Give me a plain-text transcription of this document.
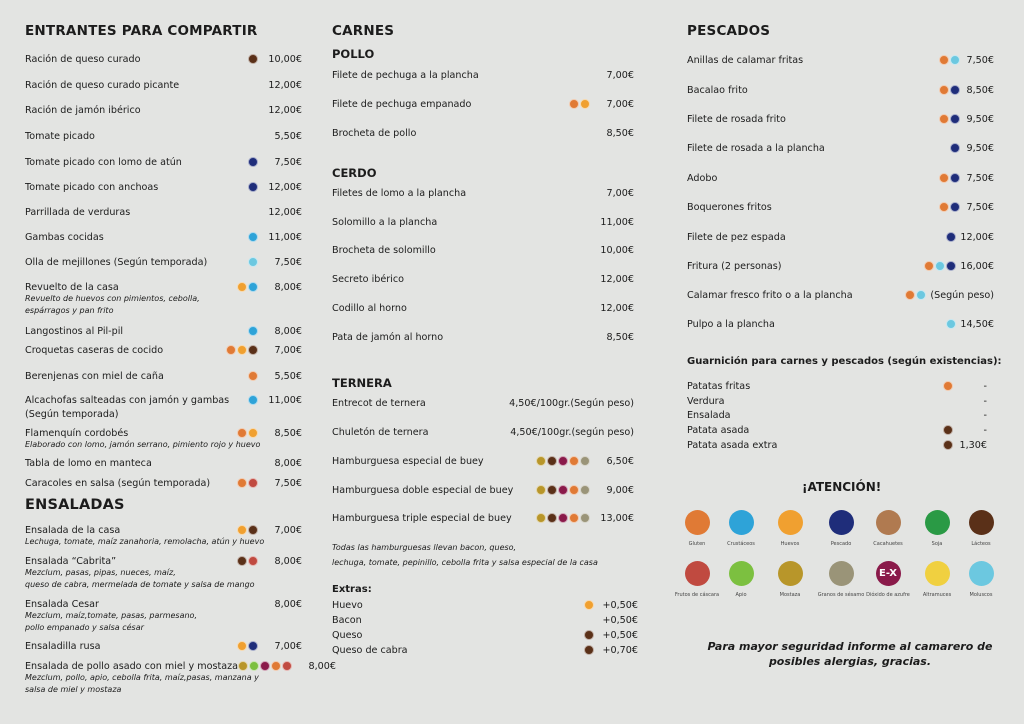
ENTRANTES PARA COMPARTIR
Ración de queso curado	10,00€
Ración de queso curado picante	12,00€
Ración de jamón ibérico	12,00€
Tomate picado	5,50€
Tomate picado con lomo de atún	7,50€
Tomate picado con anchoas	12,00€
Parrillada de verduras	12,00€
Gambas cocidas	11,00€
Olla de mejillones (Según temporada)	7,50€
Revuelto de la casa	8,00€
Revuelto de huevos con pimientos, cebolla,
espárragos y pan frito
Langostinos al Pil-pil	8,00€
Croquetas caseras de cocido	7,00€
Berenjenas con miel de caña	5,50€
Alcachofas salteadas con jamón y gambas	11,00€
(Según temporada)
Flamenquín cordobés	8,50€
Elaborado con lomo, jamón serrano, pimiento rojo y huevo
Tabla de lomo en manteca	8,00€
Caracoles en salsa (según temporada)	7,50€
ENSALADAS
Ensalada de la casa	7,00€
Lechuga, tomate, maíz zanahoria, remolacha, atún y huevo
Ensalada “Cabrita”	8,00€
Mezclum, pasas, pipas, nueces, maíz,
queso de cabra, mermelada de tomate y salsa de mango
Ensalada Cesar	8,00€
Mezclum, maíz,tomate, pasas, parmesano,
pollo empanado y salsa césar
Ensaladilla rusa	7,00€
Ensalada de pollo asado con miel y mostaza	8,00€
Mezclum, pollo, apio, cebolla frita, maíz,pasas, manzana y
salsa de miel y mostaza
CARNES
POLLO
Filete de pechuga a la plancha	7,00€
Filete de pechuga empanado	7,00€
Brocheta de pollo	8,50€
CERDO
Filetes de lomo a la plancha	7,00€
Solomillo a la plancha	11,00€
Brocheta de solomillo	10,00€
Secreto ibérico	12,00€
Codillo al horno	12,00€
Pata de jamón al horno	8,50€
TERNERA
Entrecot de ternera	4,50€/100gr.(Según peso)
Chuletón de ternera	4,50€/100gr.(según peso)
Hamburguesa especial de buey	6,50€
Hamburguesa doble especial de buey	9,00€
Hamburguesa triple especial de buey	13,00€
Todas las hamburguesas llevan bacon, queso,
lechuga, tomate, pepinillo, cebolla frita y salsa especial de la casa
Extras:
Huevo	+0,50€
Bacon	+0,50€
Queso	+0,50€
Queso de cabra	+0,70€
PESCADOS
Anillas de calamar fritas	7,50€
Bacalao frito	8,50€
Filete de rosada frito	9,50€
Filete de rosada a la plancha	9,50€
Adobo	7,50€
Boquerones fritos	7,50€
Filete de pez espada	12,00€
Fritura (2 personas)	16,00€
Calamar fresco frito o a la plancha	(Según peso)
Pulpo a la plancha	14,50€
Guarnición para carnes y pescados (según existencias):
Patatas fritas	-
Verdura	-
Ensalada	-
Patata asada	-
Patata asada extra	1,30€
¡ATENCIÓN!
Gluten	Crustáceos	Huevos	Pescado	Cacahuetes	Soja	Lácteos
Frutos de cáscara	Apio	Mostaza	Granos de sésamo
E-X
Dióxido de azufre	Altramuces	Moluscos
Para mayor seguridad informe al camarero de
posibles alergias, gracias.
